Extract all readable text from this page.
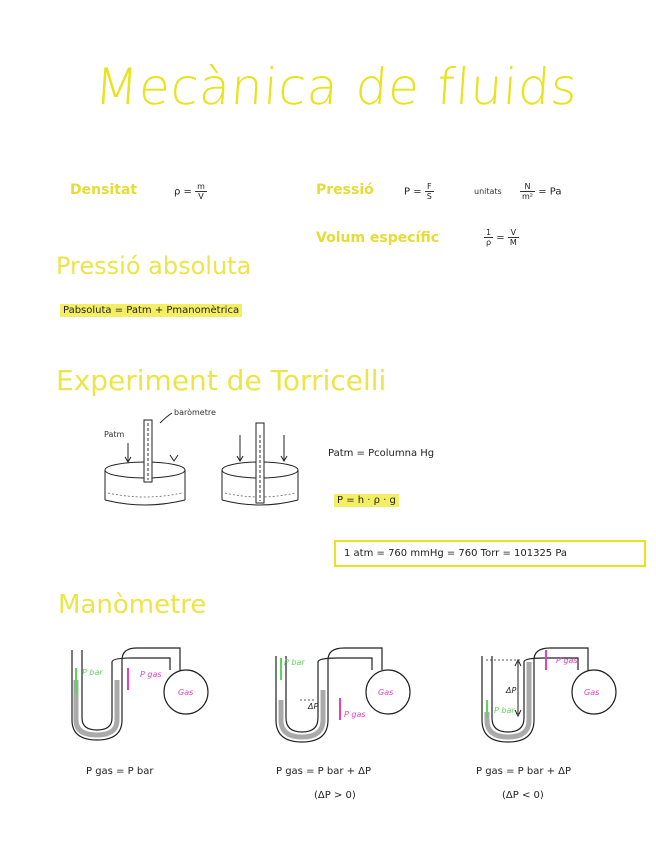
Mecànica de fluids
Densitat	$\rho = \frac{m}{V}$	Pressió	$P = \frac{F}{S}$	unitats $\frac{N}{\text{m²}} = Pa$
Volum específic	$\frac{1}{\rho} = \frac{V}{M}$
Pressió absoluta
Pabsoluta = Patm + Pmanomètrica
Experiment de Torricelli
Patm
baròmetre
Patm = Pcolumna Hg
P = h · ρ · g
1 atm = 760 mmHg = 760 Torr = 101325 Pa
Manòmetre
P bar	P gas
Gas
P gas = P bar
P bar
P gas
ΔP
Gas
P gas = P bar + ΔP
(ΔP > 0)
P bar
P gas
ΔP	Gas
P gas = P bar + ΔP
(ΔP < 0)
